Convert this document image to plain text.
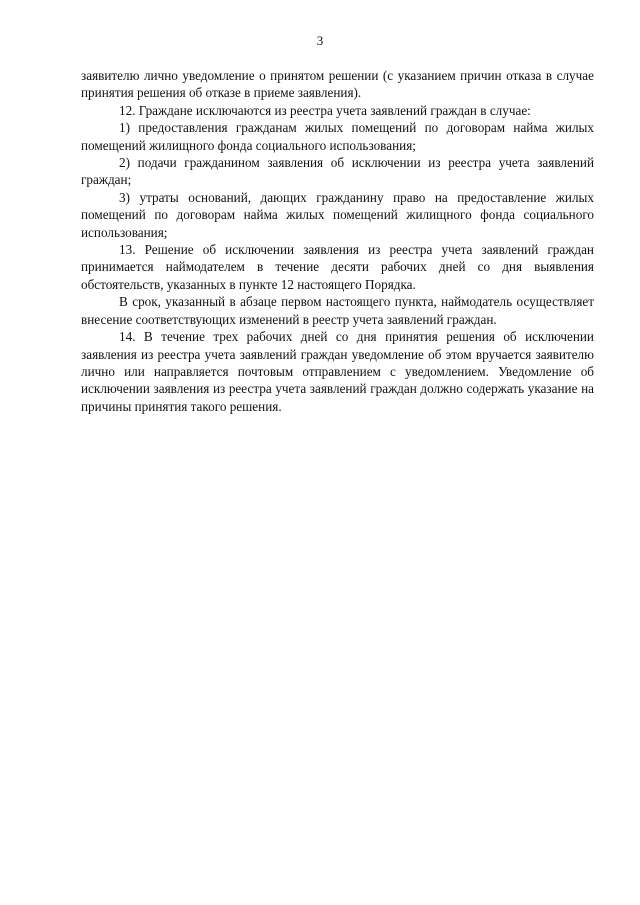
3

заявителю лично уведомление о принятом решении (с указанием причин отказа в случае принятия решения об отказе в приеме заявления).

12. Граждане исключаются из реестра учета заявлений граждан в случае:

1) предоставления гражданам жилых помещений по договорам найма жилых помещений жилищного фонда социального использования;

2) подачи гражданином заявления об исключении из реестра учета заявлений граждан;

3) утраты оснований, дающих гражданину право на предоставление жилых помещений по договорам найма жилых помещений жилищного фонда социального использования;

13. Решение об исключении заявления из реестра учета заявлений граждан принимается наймодателем в течение десяти рабочих дней со дня выявления обстоятельств, указанных в пункте 12 настоящего Порядка.

В срок, указанный в абзаце первом настоящего пункта, наймодатель осуществляет внесение соответствующих изменений в реестр учета заявлений граждан.

14. В течение трех рабочих дней со дня принятия решения об исключении заявления из реестра учета заявлений граждан уведомление об этом вручается заявителю лично или направляется почтовым отправлением с уведомлением. Уведомление об исключении заявления из реестра учета заявлений граждан должно содержать указание на причины принятия такого решения.
